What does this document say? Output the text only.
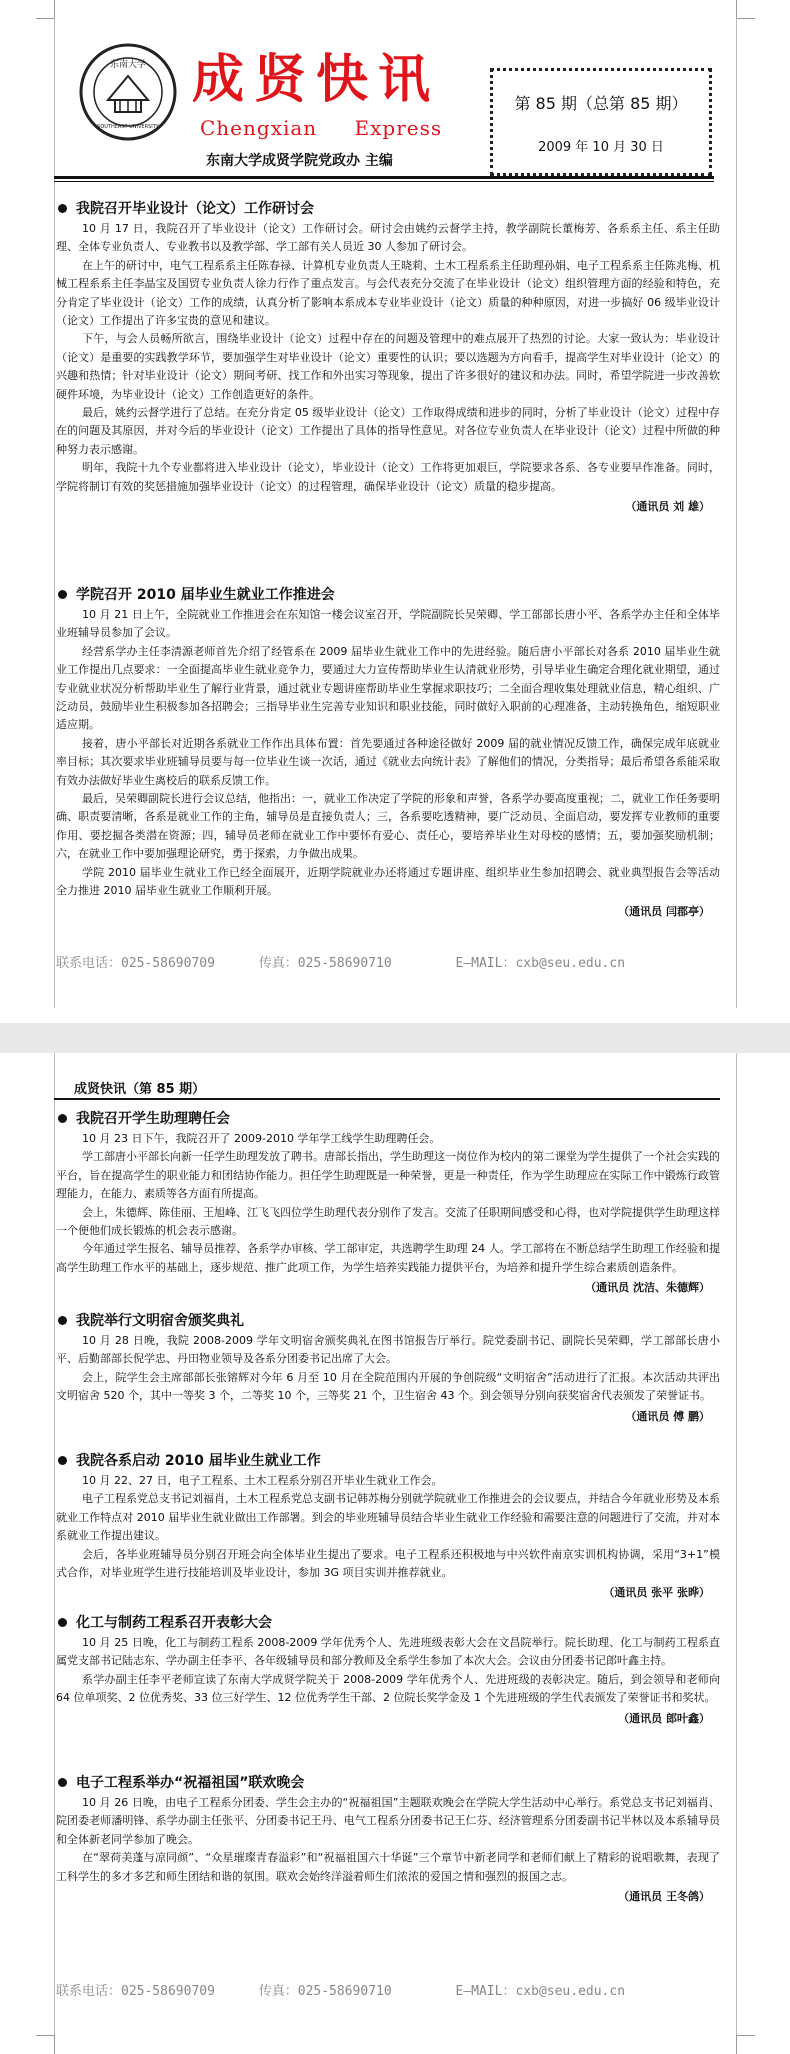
东南大学
SOUTHEAST UNIVERSITY
成贤快讯
Chengxian Express
东南大学成贤学院党政办 主编
第 85 期（总第 85 期）
2009 年 10 月 30 日

我院召开毕业设计（论文）工作研讨会

10 月 17 日，我院召开了毕业设计（论文）工作研讨会。研讨会由姚约云督学主持，教学副院长董梅芳、各系系主任、系主任助理、全体专业负责人、专业教书以及教学部、学工部有关人员近 30 人参加了研讨会。

在上午的研讨中，电气工程系系主任陈春禄、计算机专业负责人王晓莉、土木工程系系主任助理孙娟、电子工程系系主任陈兆梅、机械工程系系主任李晶宝及国贸专业负责人徐力行作了重点发言。与会代表充分交流了在毕业设计（论文）组织管理方面的经验和特色，充分肯定了毕业设计（论文）工作的成绩，认真分析了影响本系成本专业毕业设计（论文）质量的种种原因，对进一步搞好 06 级毕业设计（论文）工作提出了许多宝贵的意见和建议。

下午，与会人员畅所欲言，围绕毕业设计（论文）过程中存在的问题及管理中的难点展开了热烈的讨论。大家一致认为：毕业设计（论文）是重要的实践教学环节，要加强学生对毕业设计（论文）重要性的认识；要以选题为方向看手，提高学生对毕业设计（论文）的兴趣和热情；针对毕业设计（论文）期间考研、找工作和外出实习等现象，提出了许多很好的建议和办法。同时，希望学院进一步改善软硬件环境，为毕业设计（论文）工作创造更好的条件。

最后，姚约云督学进行了总结。在充分肯定 05 级毕业设计（论文）工作取得成绩和进步的同时，分析了毕业设计（论文）过程中存在的问题及其原因，并对今后的毕业设计（论文）工作提出了具体的指导性意见。对各位专业负责人在毕业设计（论文）过程中所做的种种努力表示感谢。

明年，我院十九个专业都将进入毕业设计（论文），毕业设计（论文）工作将更加艰巨，学院要求各系、各专业要早作准备。同时，学院将制订有效的奖惩措施加强毕业设计（论文）的过程管理，确保毕业设计（论文）质量的稳步提高。

（通讯员 刘 雄）

学院召开 2010 届毕业生就业工作推进会

10 月 21 日上午，全院就业工作推进会在东知馆一楼会议室召开，学院副院长吴荣卿、学工部部长唐小平、各系学办主任和全体毕业班辅导员参加了会议。

经营系学办主任李清源老师首先介绍了经管系在 2009 届毕业生就业工作中的先进经验。随后唐小平部长对各系 2010 届毕业生就业工作提出几点要求：一全面提高毕业生就业竞争力，要通过大力宣传帮助毕业生认清就业形势，引导毕业生确定合理化就业期望，通过专业就业状况分析帮助毕业生了解行业背景，通过就业专题讲座帮助毕业生掌握求职技巧；二全面合理收集处理就业信息，精心组织、广泛动员，鼓励毕业生积极参加各招聘会；三指导毕业生完善专业知识和职业技能，同时做好入职前的心理准备，主动转换角色，缩短职业适应期。

接着，唐小平部长对近期各系就业工作作出具体布置：首先要通过各种途径做好 2009 届的就业情况反馈工作，确保完成年底就业率目标；其次要求毕业班辅导员要与每一位毕业生谈一次话，通过《就业去向统计表》了解他们的情况，分类指导；最后希望各系能采取有效办法做好毕业生离校后的联系反馈工作。

最后，吴荣卿副院长进行会议总结，他指出：一，就业工作决定了学院的形象和声誉，各系学办要高度重视；二，就业工作任务要明确、职责要清晰，各系是就业工作的主角，辅导员是直接负责人；三，各系要吃透精神，要广泛动员、全面启动，要发挥专业教师的重要作用、要挖掘各类潜在资源；四，辅导员老师在就业工作中要怀有爱心、责任心，要培养毕业生对母校的感情；五，要加强奖励机制；六，在就业工作中要加强理论研究，勇于探索，力争做出成果。

学院 2010 届毕业生就业工作已经全面展开，近期学院就业办还将通过专题讲座、组织毕业生参加招聘会、就业典型报告会等活动全力推进 2010 届毕业生就业工作顺利开展。

（通讯员 闫郡亭）

联系电话：025-58690709	传真：025-58690710	E—MAIL：cxb@seu.edu.cn
成贤快讯（第 85 期）

我院召开学生助理聘任会

10 月 23 日下午，我院召开了 2009-2010 学年学工线学生助理聘任会。

学工部唐小平部长向新一任学生助理发放了聘书。唐部长指出，学生助理这一岗位作为校内的第二课堂为学生提供了一个社会实践的平台，旨在提高学生的职业能力和团结协作能力。担任学生助理既是一种荣誉，更是一种责任，作为学生助理应在实际工作中锻炼行政管理能力，在能力、素质等各方面有所提高。

会上，朱德辉、陈佳丽、王旭峰、江飞飞四位学生助理代表分别作了发言。交流了任职期间感受和心得，也对学院提供学生助理这样一个便他们成长锻炼的机会表示感谢。

今年通过学生报名、辅导员推荐、各系学办审核、学工部审定，共选聘学生助理 24 人。学工部将在不断总结学生助理工作经验和提高学生助理工作水平的基础上，逐步规范、推广此项工作，为学生培养实践能力提供平台，为培养和提升学生综合素质创造条件。

（通讯员 沈洁、朱德辉）

我院举行文明宿舍颁奖典礼

10 月 28 日晚，我院 2008-2009 学年文明宿舍颁奖典礼在图书馆报告厅举行。院党委副书记、副院长吴荣卿，学工部部长唐小平、后勤部部长倪学忠、丹田物业领导及各系分团委书记出席了大会。

会上，院学生会主席部部长张镕辉对今年 6 月至 10 月在全院范围内开展的争创院级“文明宿舍”活动进行了汇报。本次活动共评出文明宿舍 520 个，其中一等奖 3 个，二等奖 10 个，三等奖 21 个，卫生宿舍 43 个。到会领导分别向获奖宿舍代表颁发了荣誉证书。

（通讯员 傅 鹏）

我院各系启动 2010 届毕业生就业工作

10 月 22、27 日，电子工程系、土木工程系分别召开毕业生就业工作会。

电子工程系党总支书记刘福肖，土木工程系党总支副书记韩苏梅分别就学院就业工作推进会的会议要点，并结合今年就业形势及本系就业工作特点对 2010 届毕业生就业做出工作部署。到会的毕业班辅导员结合毕业生就业工作经验和需要注意的问题进行了交流，并对本系就业工作提出建议。

会后，各毕业班辅导员分别召开班会向全体毕业生提出了要求。电子工程系还积极地与中兴软件南京实训机构协调，采用“3+1”模式合作，对毕业班学生进行技能培训及毕业设计，参加 3G 项目实训并推荐就业。

（通讯员 张平 张晔）

化工与制药工程系召开表彰大会

10 月 25 日晚，化工与制药工程系 2008-2009 学年优秀个人、先进班级表彰大会在文昌院举行。院长助理、化工与制药工程系直属党支部书记陆志东、学办副主任李平、各年级辅导员和部分教师及全系学生参加了本次大会。会议由分团委书记郎叶鑫主持。

系学办副主任李平老师宣读了东南大学成贤学院关于 2008-2009 学年优秀个人、先进班级的表彰决定。随后，到会领导和老师向 64 位单项奖、2 位优秀奖、33 位三好学生、12 位优秀学生干部、2 位院长奖学金及 1 个先进班级的学生代表颁发了荣誉证书和奖状。

（通讯员 郎叶鑫）

电子工程系举办“祝福祖国”联欢晚会

10 月 26 日晚，由电子工程系分团委、学生会主办的“祝福祖国”主题联欢晚会在学院大学生活动中心举行。系党总支书记刘福肖、院团委老师潘明锋、系学办副主任张平、分团委书记王丹、电气工程系分团委书记王仁芬、经济管理系分团委副书记半林以及本系辅导员和全体新老同学参加了晚会。

在“翠荷美蓬与凉同颜”、“众星璀璨青春溢彩”和“祝福祖国六十华诞”三个章节中新老同学和老师们献上了精彩的说唱歌舞，表现了工科学生的多才多艺和师生团结和谐的氛围。联欢会始终洋溢着师生们浓浓的爱国之情和强烈的报国之志。

（通讯员 王冬鸽）

联系电话：025-58690709	传真：025-58690710	E—MAIL：cxb@seu.edu.cn
